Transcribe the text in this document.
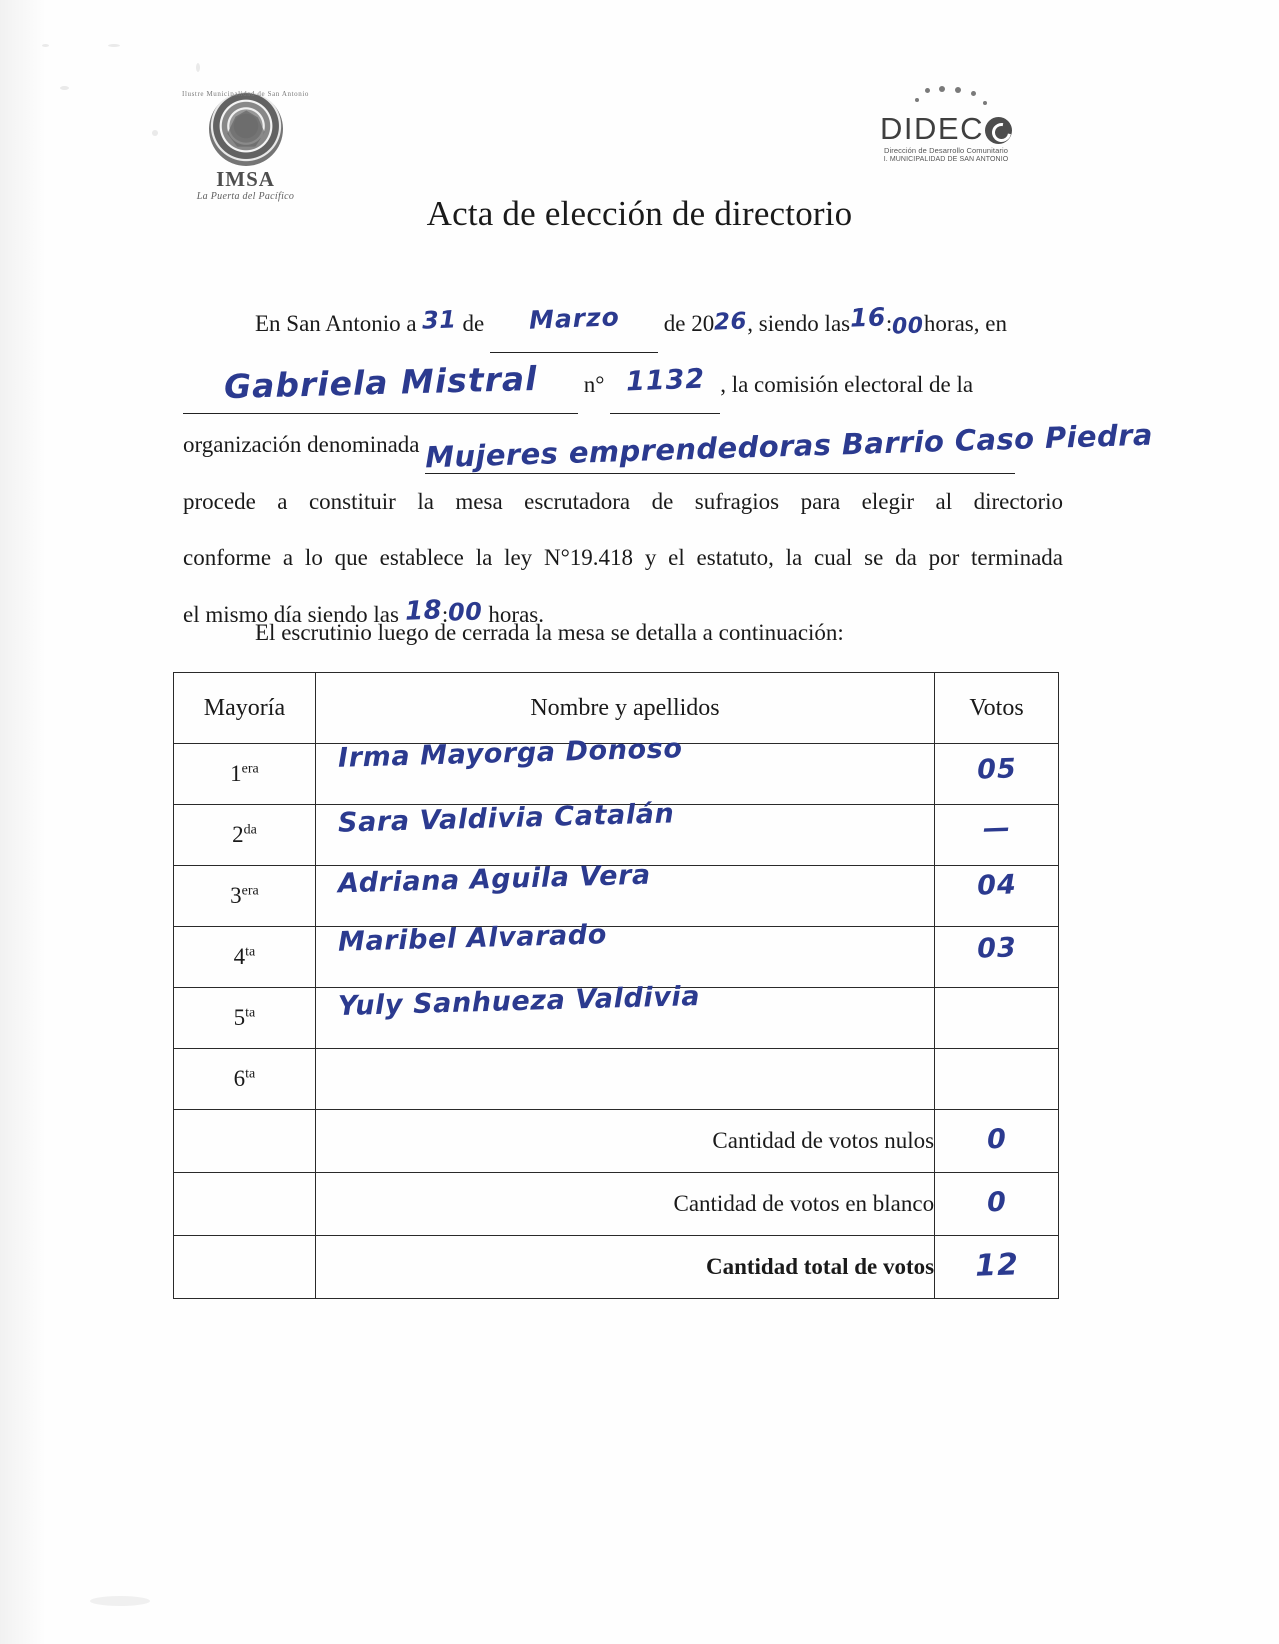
Ilustre Municipalidad de San Antonio
IMSA
La Puerta del Pacífico
DIDEC
Dirección de Desarrollo Comunitario
I. MUNICIPALIDAD DE SAN ANTONIO
Acta de elección de directorio
En San Antonio a 31 de Marzo de 2026, siendo las16:00horas, en
Gabriela Mistral n° 1132 , la comisión electoral de la
organización denominada Mujeres emprendedoras Barrio Caso Piedra
procede a constituir la mesa escrutadora de sufragios para elegir al directorio
conforme a lo que establece la ley N°19.418 y el estatuto, la cual se da por terminada
el mismo día siendo las 18:00 horas.
El escrutinio luego de cerrada la mesa se detalla a continuación:
Mayoría	Nombre y apellidos	Votos
$1^{era}$	Irma Mayorga Donoso	05

$2^{da}$	Sara Valdivia Catalán	—

$3^{era}$	Adriana Aguila Vera	04

$4^{ta}$	Maribel Alvarado	03

$5^{ta}$	Yuly Sanhueza Valdivia	

$6^{ta}$	

	Cantidad de votos nulos	0

	Cantidad de votos en blanco	0

	Cantidad total de votos	12
